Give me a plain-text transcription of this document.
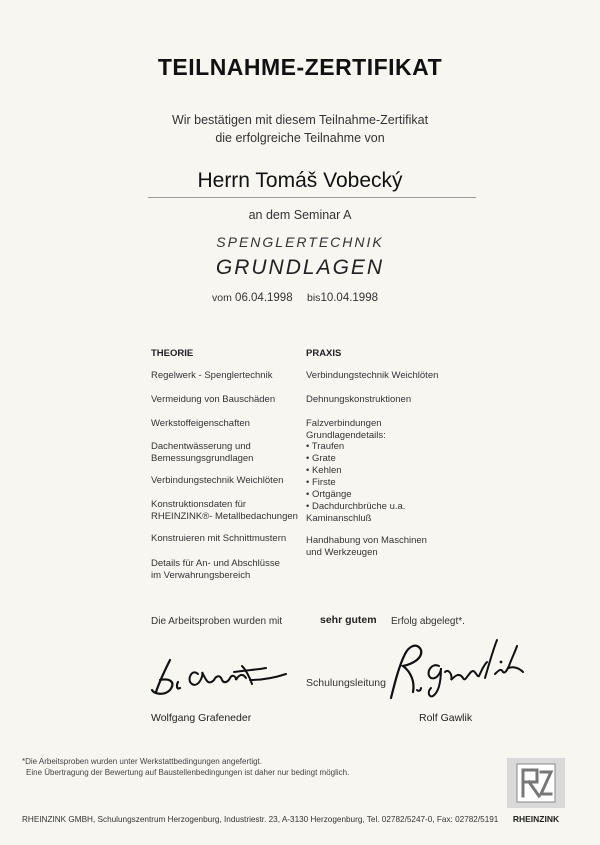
TEILNAHME-ZERTIFIKAT
Wir bestätigen mit diesem Teilnahme-Zertifikat
die erfolgreiche Teilnahme von
Herrn Tomáš Vobecký
an dem Seminar A
SPENGLERTECHNIK
GRUNDLAGEN
vom 06.04.1998 bis10.04.1998
THEORIE
Regelwerk - Spenglertechnik
Vermeidung von Bauschäden
Werkstoffeigenschaften
Dachentwässerung und
Bemessungsgrundlagen
Verbindungstechnik Weichlöten
Konstruktionsdaten für
RHEINZINK®- Metallbedachungen
Konstruieren mit Schnittmustern
Details für An- und Abschlüsse
im Verwahrungsbereich
PRAXIS
Verbindungstechnik Weichlöten
Dehnungskonstruktionen
Falzverbindungen
Grundlagendetails:
• Traufen
• Grate
• Kehlen
• Firste
• Ortgänge
• Dachdurchbrüche u.a.
Kaminanschluß
Handhabung von Maschinen
und Werkzeugen
Die Arbeitsproben wurden mit	sehr gutem Erfolg abgelegt*.
Schulungsleitung
Wolfgang Grafeneder	Rolf Gawlik
*Die Arbeitsproben wurden unter Werkstattbedingungen angefertigt.
Eine Übertragung der Bewertung auf Baustellenbedingungen ist daher nur bedingt möglich.
RHEINZINK GMBH, Schulungszentrum Herzogenburg, Industriestr. 23, A-3130 Herzogenburg, Tel. 02782/5247-0, Fax: 02782/5191	RHEINZINK
